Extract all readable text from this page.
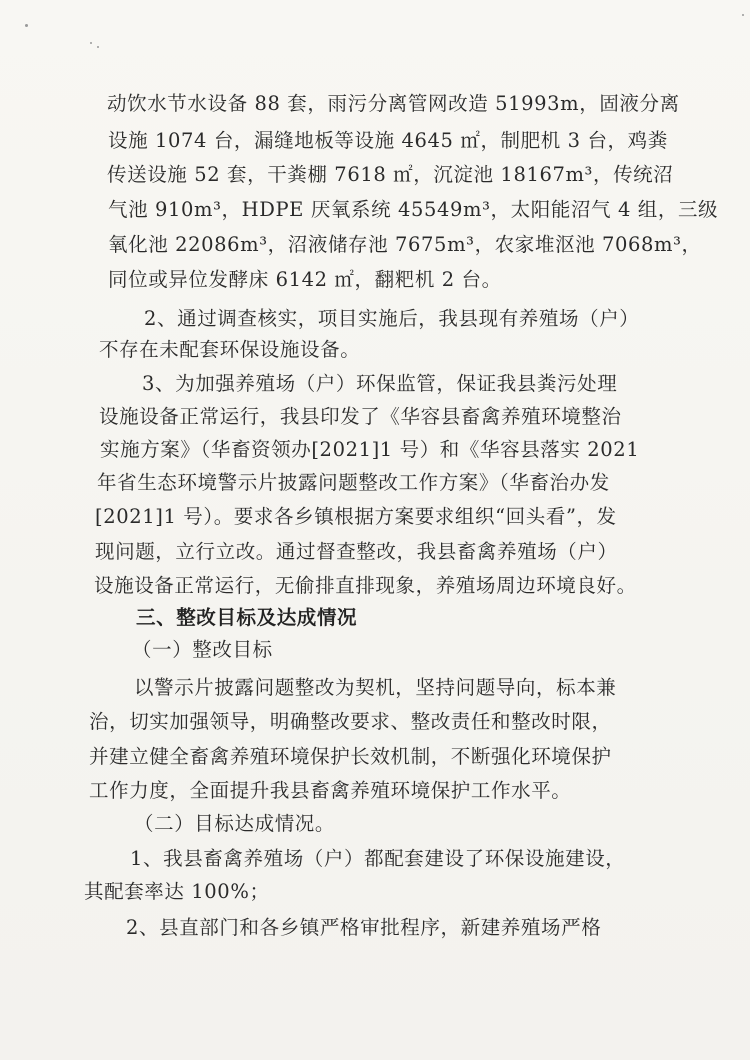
动饮水节水设备 88 套，雨污分离管网改造 51993m，固液分离
设施 1074 台，漏缝地板等设施 4645 ㎡，制肥机 3 台，鸡粪
传送设施 52 套，干粪棚 7618 ㎡，沉淀池 18167m³，传统沼
气池 910m³，HDPE 厌氧系统 45549m³，太阳能沼气 4 组，三级
氧化池 22086m³，沼液储存池 7675m³，农家堆沤池 7068m³，
同位或异位发酵床 6142 ㎡，翻粑机 2 台。
2、通过调查核实，项目实施后，我县现有养殖场（户）
不存在未配套环保设施设备。
3、为加强养殖场（户）环保监管，保证我县粪污处理
设施设备正常运行，我县印发了《华容县畜禽养殖环境整治
实施方案》（华畜资领办[2021]1 号）和《华容县落实 2021
年省生态环境警示片披露问题整改工作方案》（华畜治办发
[2021]1 号）。要求各乡镇根据方案要求组织“回头看”，发
现问题，立行立改。通过督查整改，我县畜禽养殖场（户）
设施设备正常运行，无偷排直排现象，养殖场周边环境良好。
三、整改目标及达成情况
（一）整改目标
以警示片披露问题整改为契机，坚持问题导向，标本兼
治，切实加强领导，明确整改要求、整改责任和整改时限，
并建立健全畜禽养殖环境保护长效机制，不断强化环境保护
工作力度，全面提升我县畜禽养殖环境保护工作水平。
（二）目标达成情况。
1、我县畜禽养殖场（户）都配套建设了环保设施建设，
其配套率达 100%；
2、县直部门和各乡镇严格审批程序，新建养殖场严格
